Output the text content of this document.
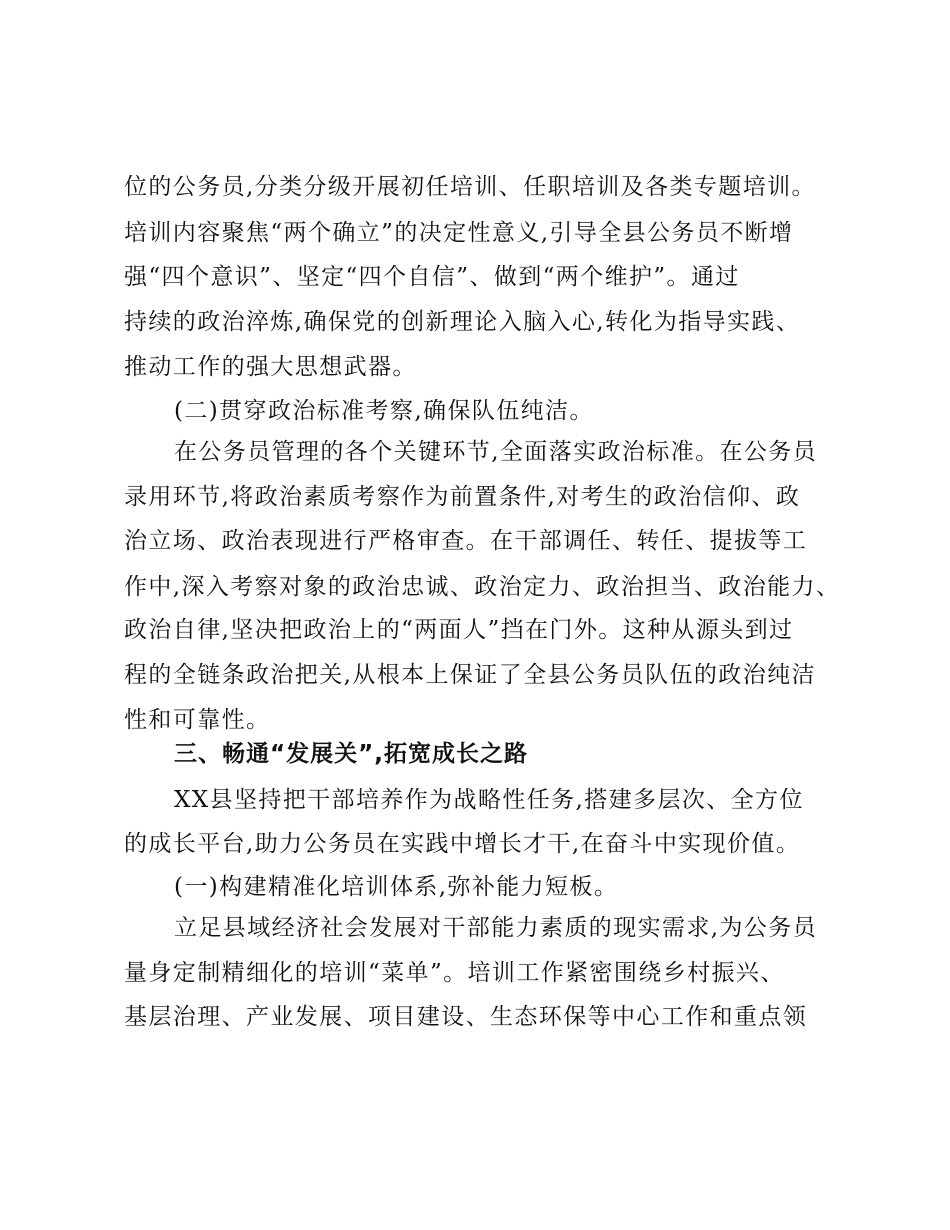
位的公务员,分类分级开展初任培训、任职培训及各类专题培训。
培训内容聚焦“两个确立”的决定性意义,引导全县公务员不断增
强“四个意识”、坚定“四个自信”、做到“两个维护”。通过
持续的政治淬炼,确保党的创新理论入脑入心,转化为指导实践、
推动工作的强大思想武器。
(二)贯穿政治标准考察,确保队伍纯洁。
在公务员管理的各个关键环节,全面落实政治标准。在公务员
录用环节,将政治素质考察作为前置条件,对考生的政治信仰、政
治立场、政治表现进行严格审查。在干部调任、转任、提拔等工
作中,深入考察对象的政治忠诚、政治定力、政治担当、政治能力、
政治自律,坚决把政治上的“两面人”挡在门外。这种从源头到过
程的全链条政治把关,从根本上保证了全县公务员队伍的政治纯洁
性和可靠性。
三、畅通“发展关”,拓宽成长之路
XX县坚持把干部培养作为战略性任务,搭建多层次、全方位
的成长平台,助力公务员在实践中增长才干,在奋斗中实现价值。
(一)构建精准化培训体系,弥补能力短板。
立足县域经济社会发展对干部能力素质的现实需求,为公务员
量身定制精细化的培训“菜单”。培训工作紧密围绕乡村振兴、
基层治理、产业发展、项目建设、生态环保等中心工作和重点领
